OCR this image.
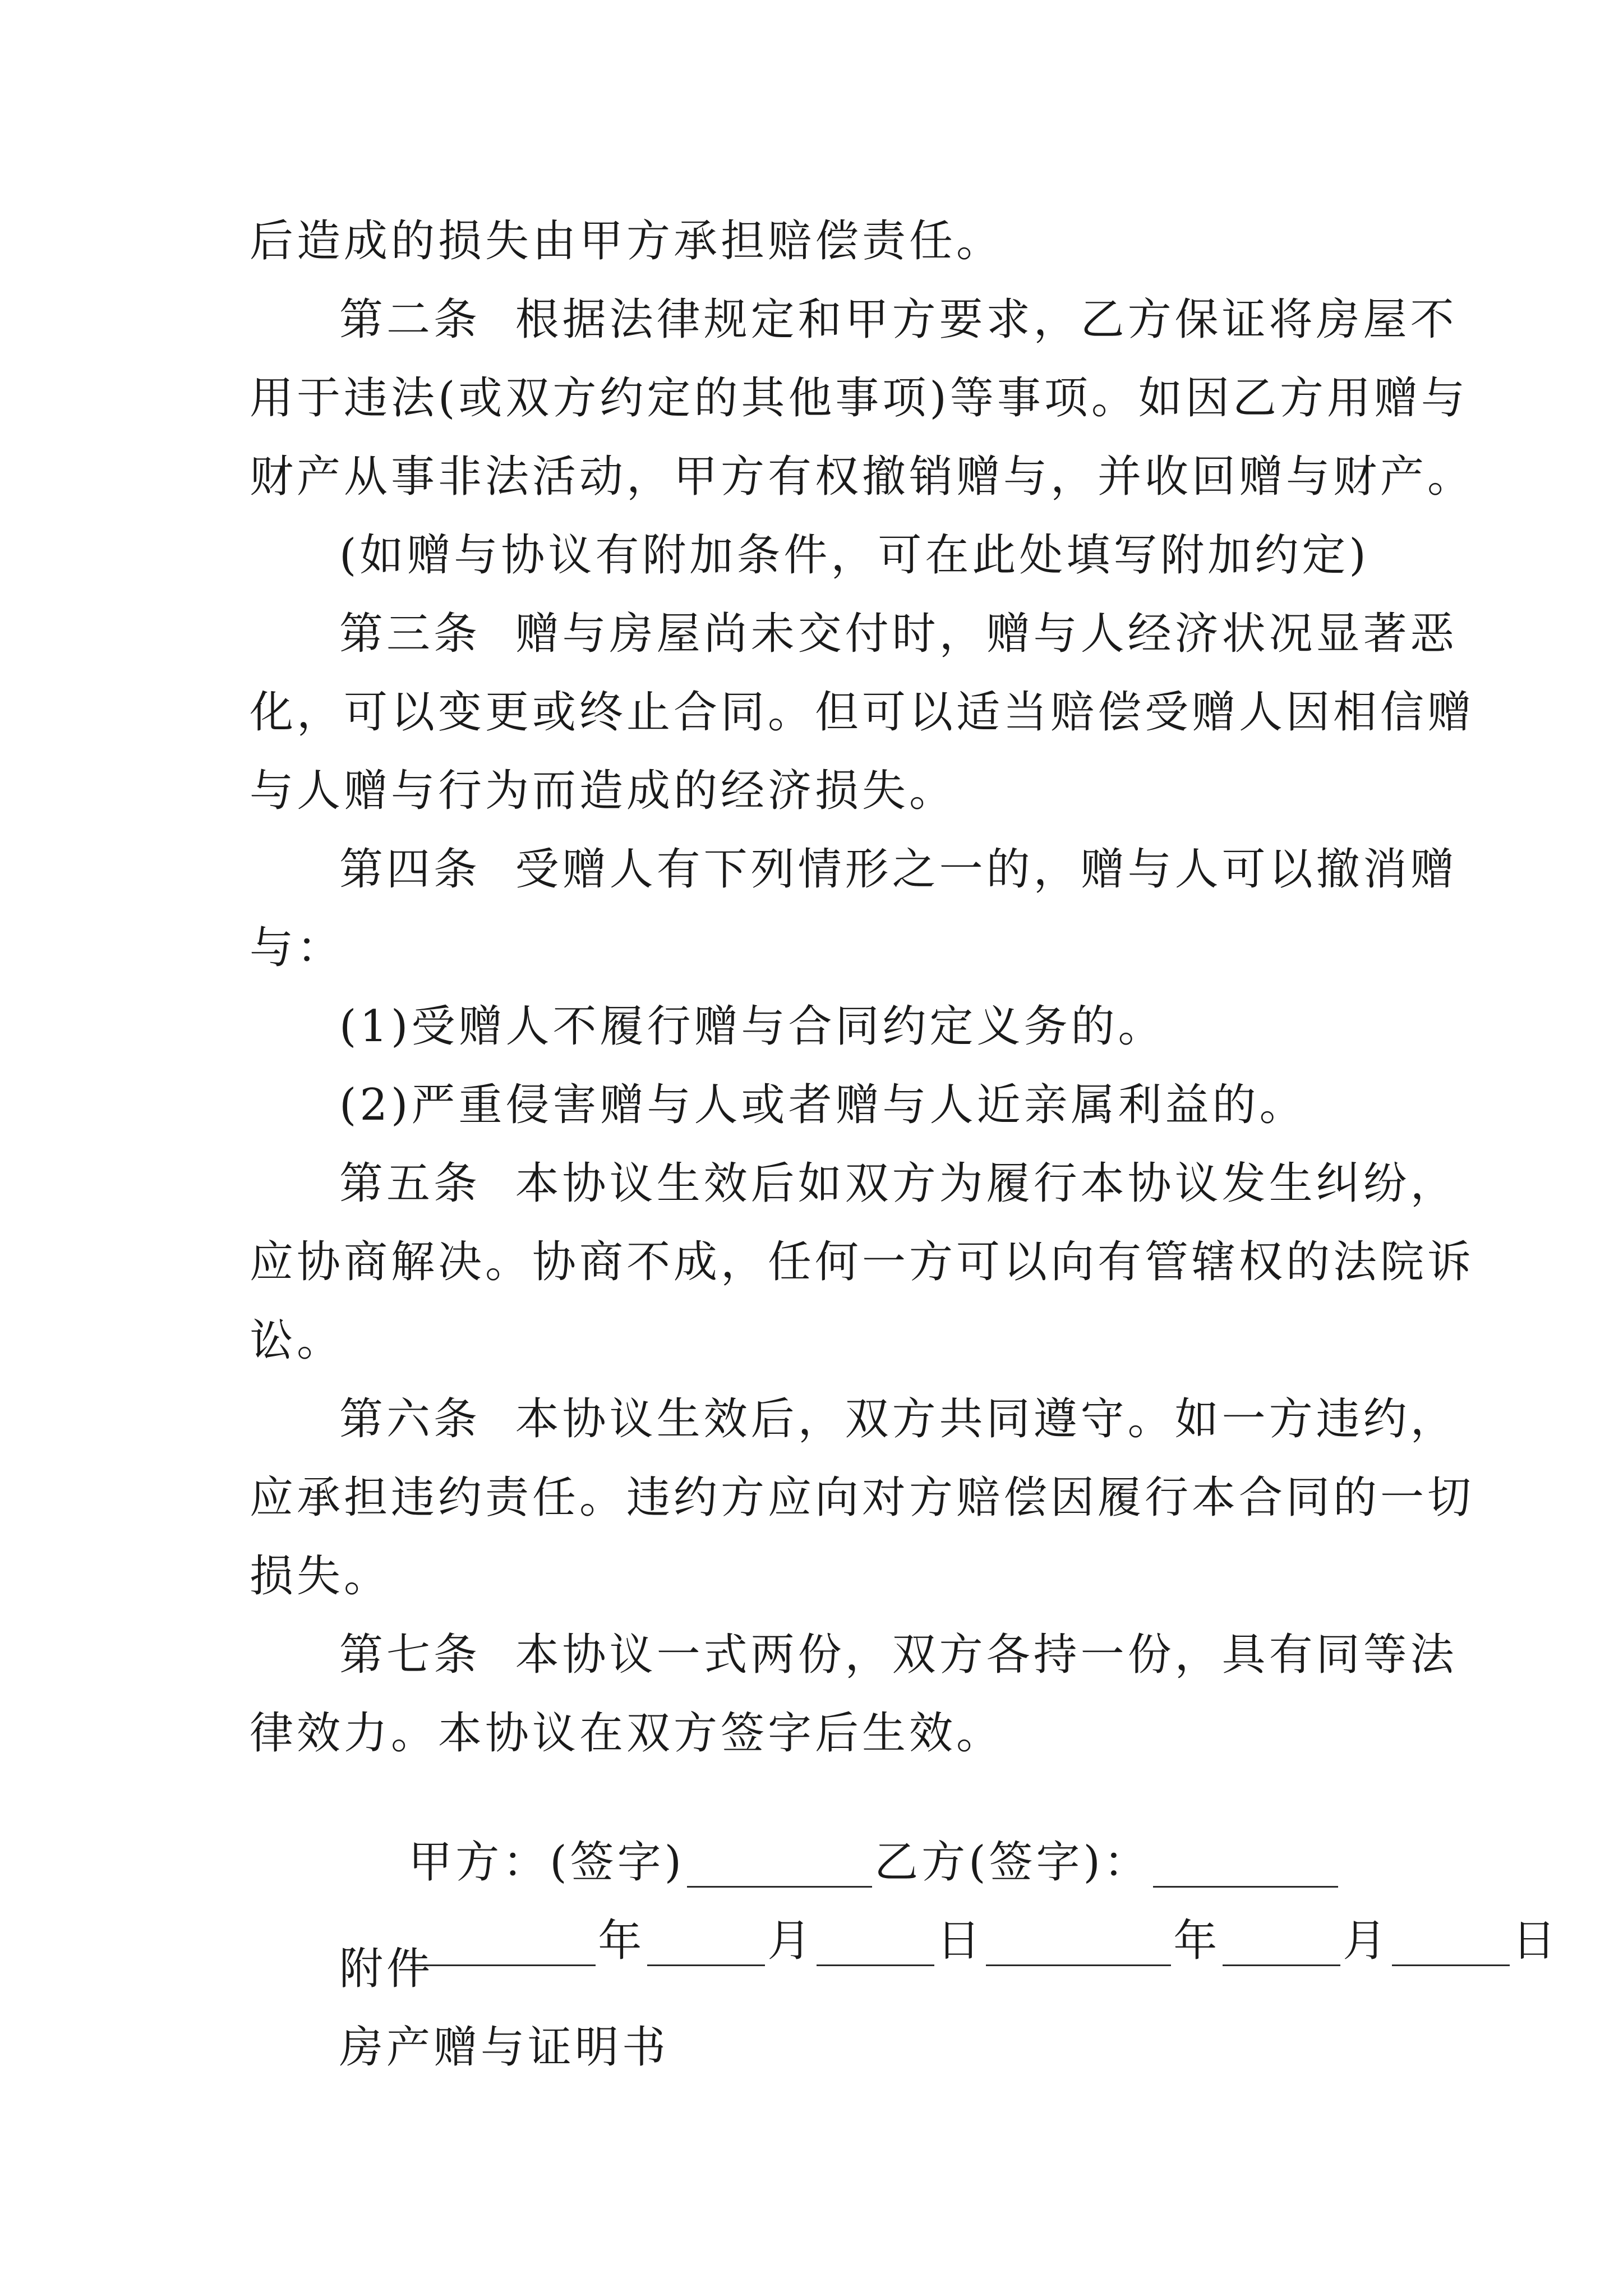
后造成的损失由甲方承担赔偿责任。
第二条  根据法律规定和甲方要求，乙方保证将房屋不
用于违法(或双方约定的其他事项)等事项。如因乙方用赠与
财产从事非法活动，甲方有权撤销赠与，并收回赠与财产。
(如赠与协议有附加条件，可在此处填写附加约定)
第三条  赠与房屋尚未交付时，赠与人经济状况显著恶
化，可以变更或终止合同。但可以适当赔偿受赠人因相信赠
与人赠与行为而造成的经济损失。
第四条  受赠人有下列情形之一的，赠与人可以撤消赠
与：
(1)受赠人不履行赠与合同约定义务的。
(2)严重侵害赠与人或者赠与人近亲属利益的。
第五条  本协议生效后如双方为履行本协议发生纠纷，
应协商解决。协商不成，任何一方可以向有管辖权的法院诉
讼。
第六条  本协议生效后，双方共同遵守。如一方违约，
应承担违约责任。违约方应向对方赔偿因履行本合同的一切
损失。
第七条  本协议一式两份，双方各持一份，具有同等法
律效力。本协议在双方签字后生效。

甲方：(签字)	乙方(签字)：

年	月	日	年	月	日

附件
房产赠与证明书
